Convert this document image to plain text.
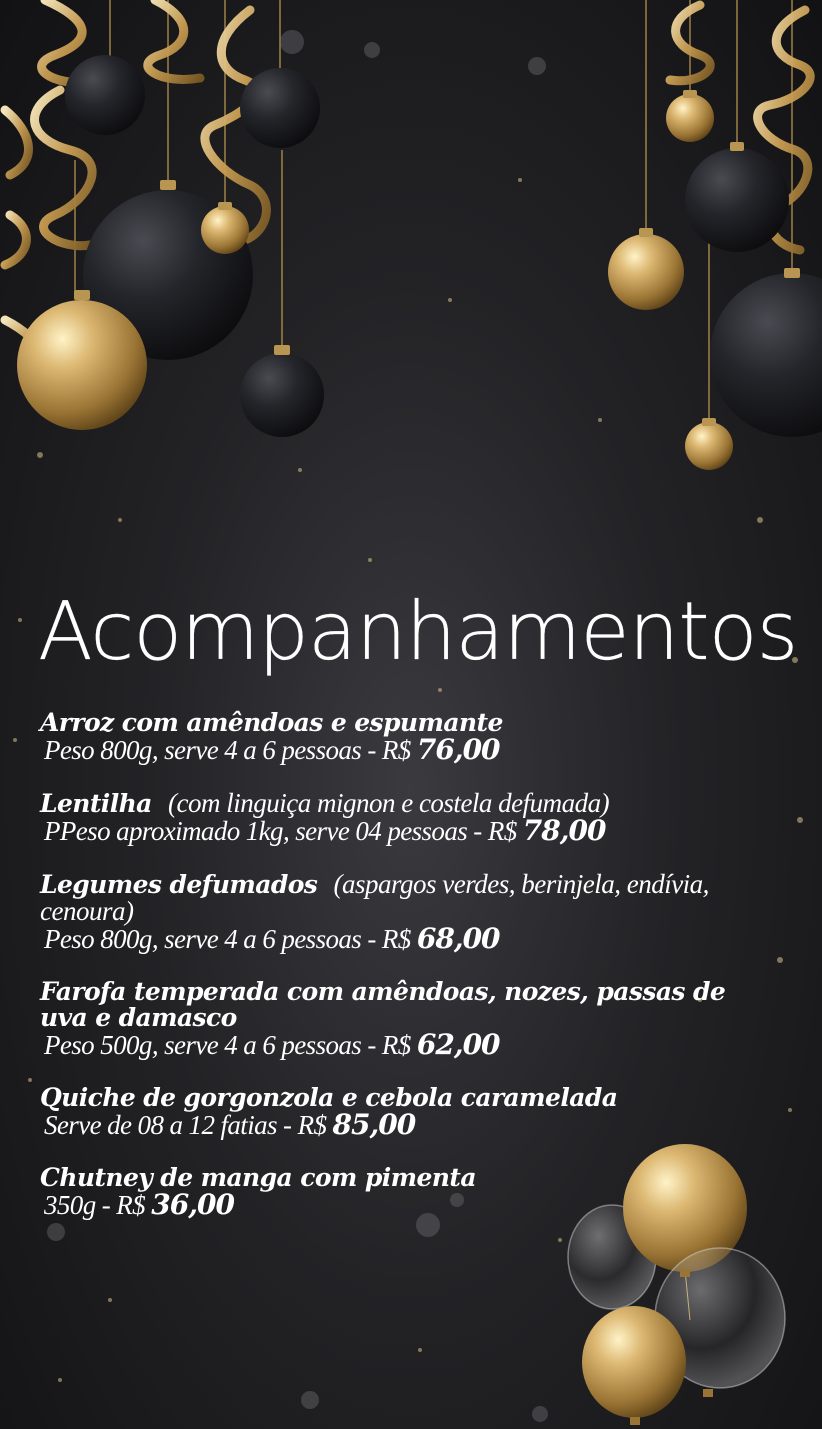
Acompanhamentos
Arroz com amêndoas e espumante
Peso 800g, serve 4 a 6 pessoas - R$ 76,00
Lentilha (com linguiça mignon e costela defumada)
PPeso aproximado 1kg, serve 04 pessoas - R$ 78,00
Legumes defumados (aspargos verdes, berinjela, endívia, cenoura)
Peso 800g, serve 4 a 6 pessoas - R$ 68,00
Farofa temperada com amêndoas, nozes, passas de uva e damasco
Peso 500g, serve 4 a 6 pessoas - R$ 62,00
Quiche de gorgonzola e cebola caramelada
Serve de 08 a 12 fatias - R$ 85,00
Chutney de manga com pimenta
350g - R$ 36,00
